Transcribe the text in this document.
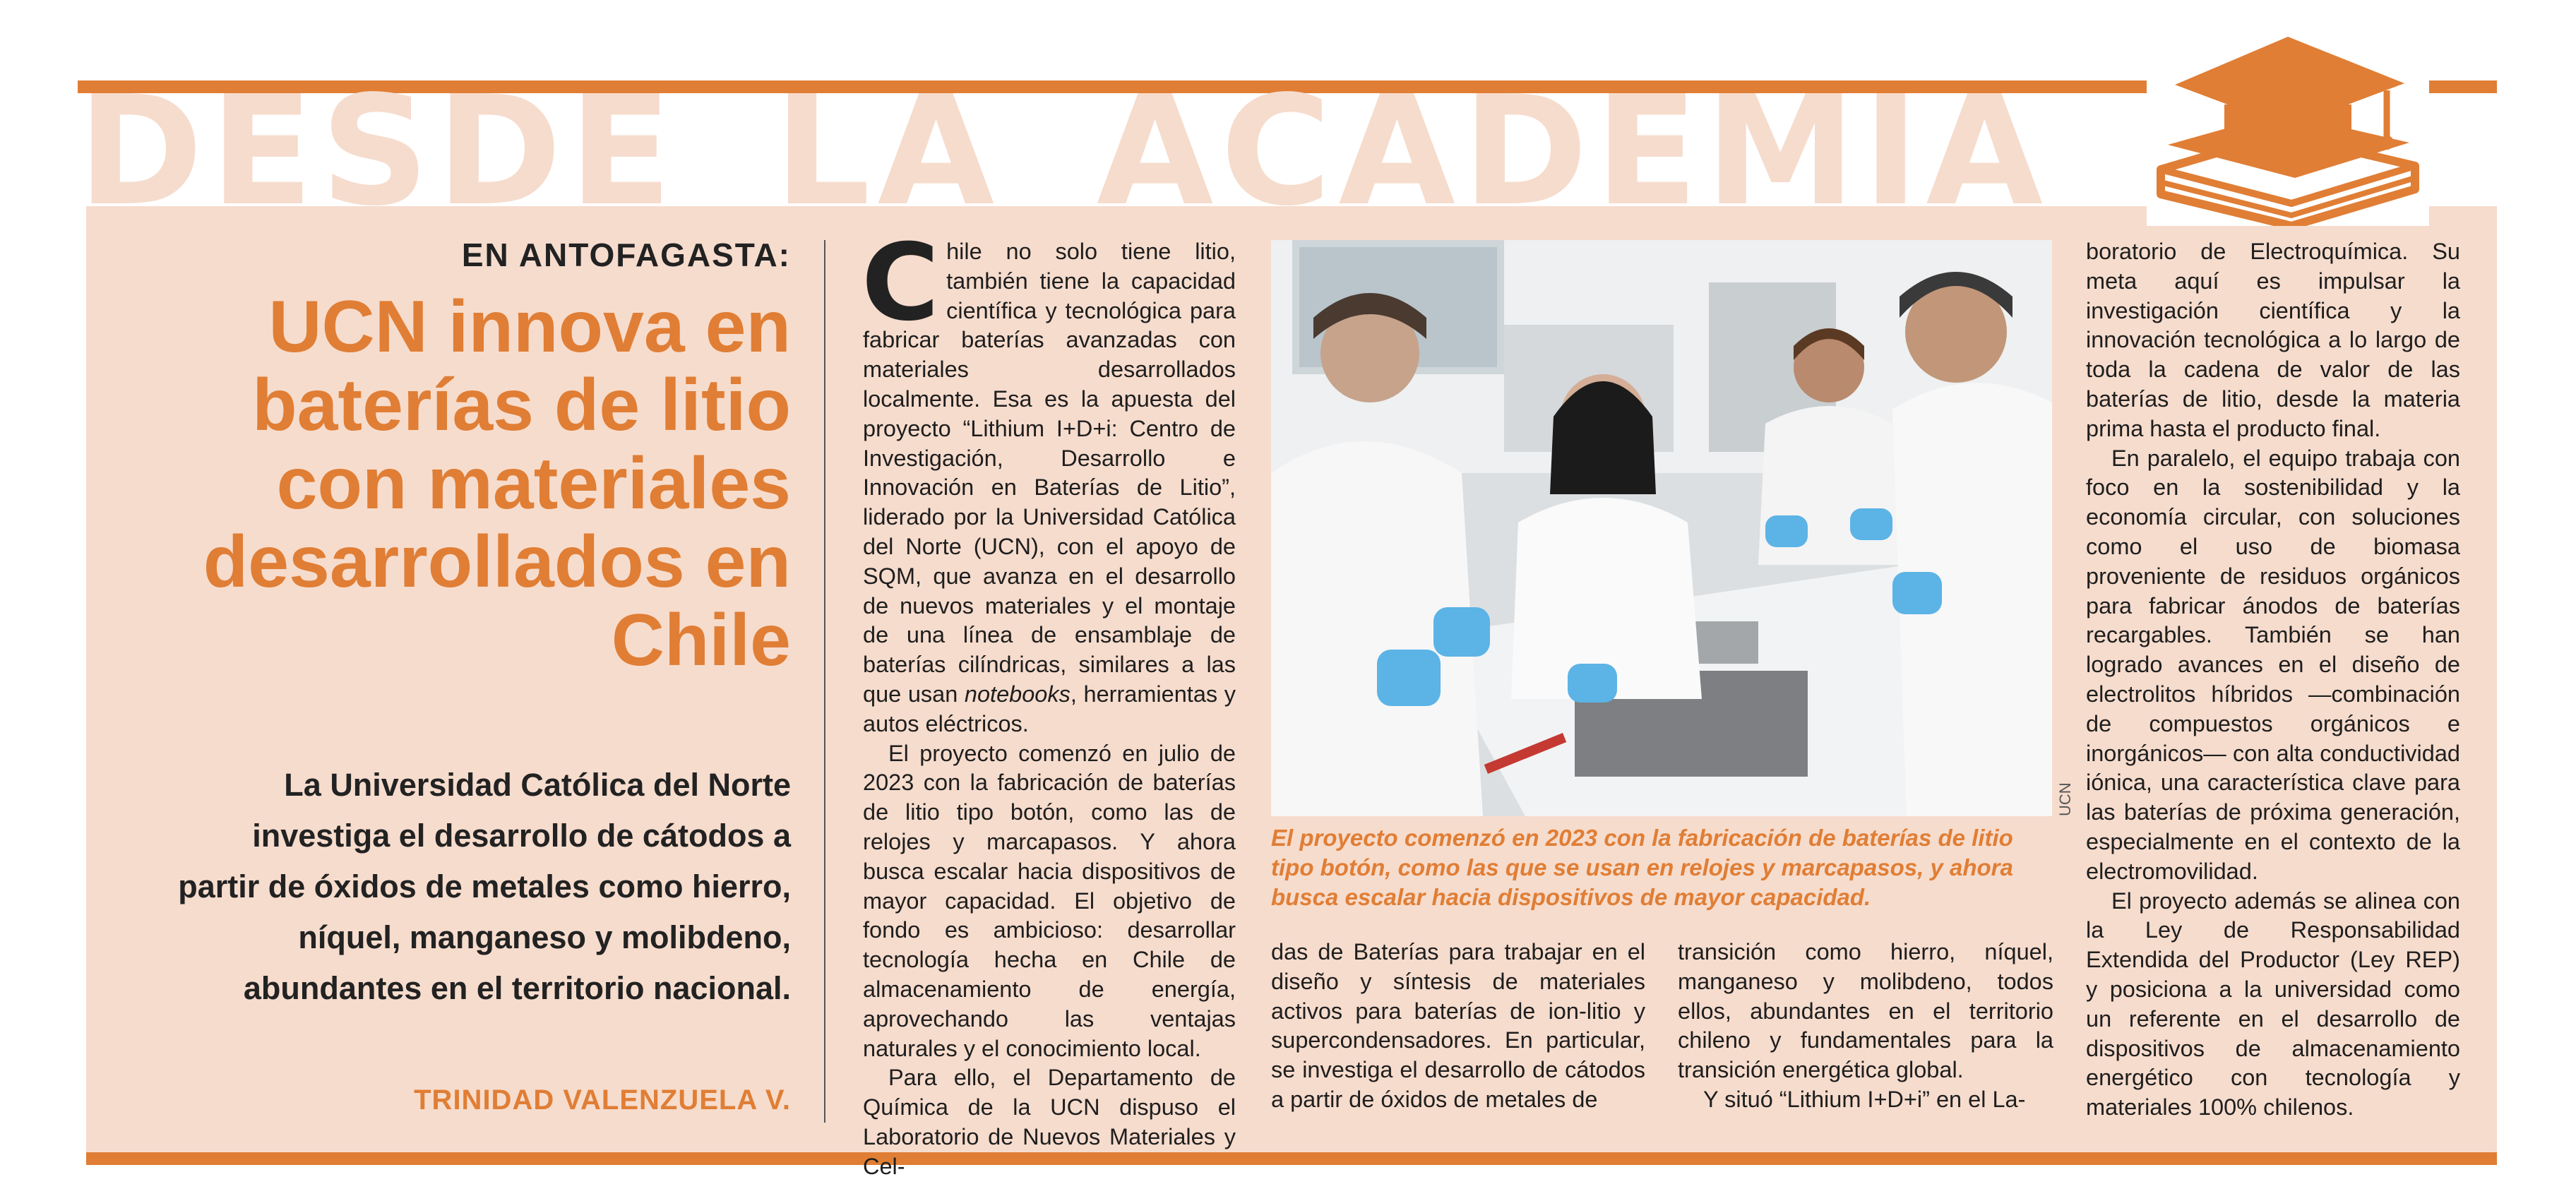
DESDE LA ACADEMIA
EN ANTOFAGASTA:
UCN innova en baterías de litio con materiales desarrollados en Chile

La Universidad Católica del Norte investiga el desarrollo de cátodos a partir de óxidos de metales como hierro, níquel, manganeso y molibdeno, abundantes en el territorio nacional.

TRINIDAD VALENZUELA V.
C hile no solo tiene litio, también tiene la capacidad científica y tecnológica para fabricar baterías avanzadas con materiales desarrollados localmente. Esa es la apuesta del proyecto “Lithium I+D+i: Centro de Investigación, Desarrollo e Innovación en Baterías de Litio”, liderado por la Universidad Católica del Norte (UCN), con el apoyo de SQM, que avanza en el desarrollo de nuevos materiales y el montaje de una línea de ensamblaje de baterías cilíndricas, similares a las que usan notebooks, herramientas y autos eléctricos.

El proyecto comenzó en julio de 2023 con la fabricación de baterías de litio tipo botón, como las de relojes y marcapasos. Y ahora busca escalar hacia dispositivos de mayor capacidad. El objetivo de fondo es ambicioso: desarrollar tecnología hecha en Chile de almacenamiento de energía, aprovechando las ventajas naturales y el conocimiento local.

Para ello, el Departamento de Química de la UCN dispuso el Laboratorio de Nuevos Materiales y Cel-

UCN

El proyecto comenzó en 2023 con la fabricación de baterías de litio tipo botón, como las que se usan en relojes y marcapasos, y ahora busca escalar hacia dispositivos de mayor capacidad.

das de Baterías para trabajar en el diseño y síntesis de materiales activos para baterías de ion-litio y supercondensadores. En particular, se investiga el desarrollo de cátodos a partir de óxidos de metales de

transición como hierro, níquel, manganeso y molibdeno, todos ellos, abundantes en el territorio chileno y fundamentales para la transición energética global.

Y situó “Lithium I+D+i” en el La-

boratorio de Electroquímica. Su meta aquí es impulsar la investigación científica y la innovación tecnológica a lo largo de toda la cadena de valor de las baterías de litio, desde la materia prima hasta el producto final.

En paralelo, el equipo trabaja con foco en la sostenibilidad y la economía circular, con soluciones como el uso de biomasa proveniente de residuos orgánicos para fabricar ánodos de baterías recargables. También se han logrado avances en el diseño de electrolitos híbridos —combinación de compuestos orgánicos e inorgánicos— con alta conductividad iónica, una característica clave para las baterías de próxima generación, especialmente en el contexto de la electromovilidad.

El proyecto además se alinea con la Ley de Responsabilidad Extendida del Productor (Ley REP) y posiciona a la universidad como un referente en el desarrollo de dispositivos de almacenamiento energético con tecnología y materiales 100% chilenos.
